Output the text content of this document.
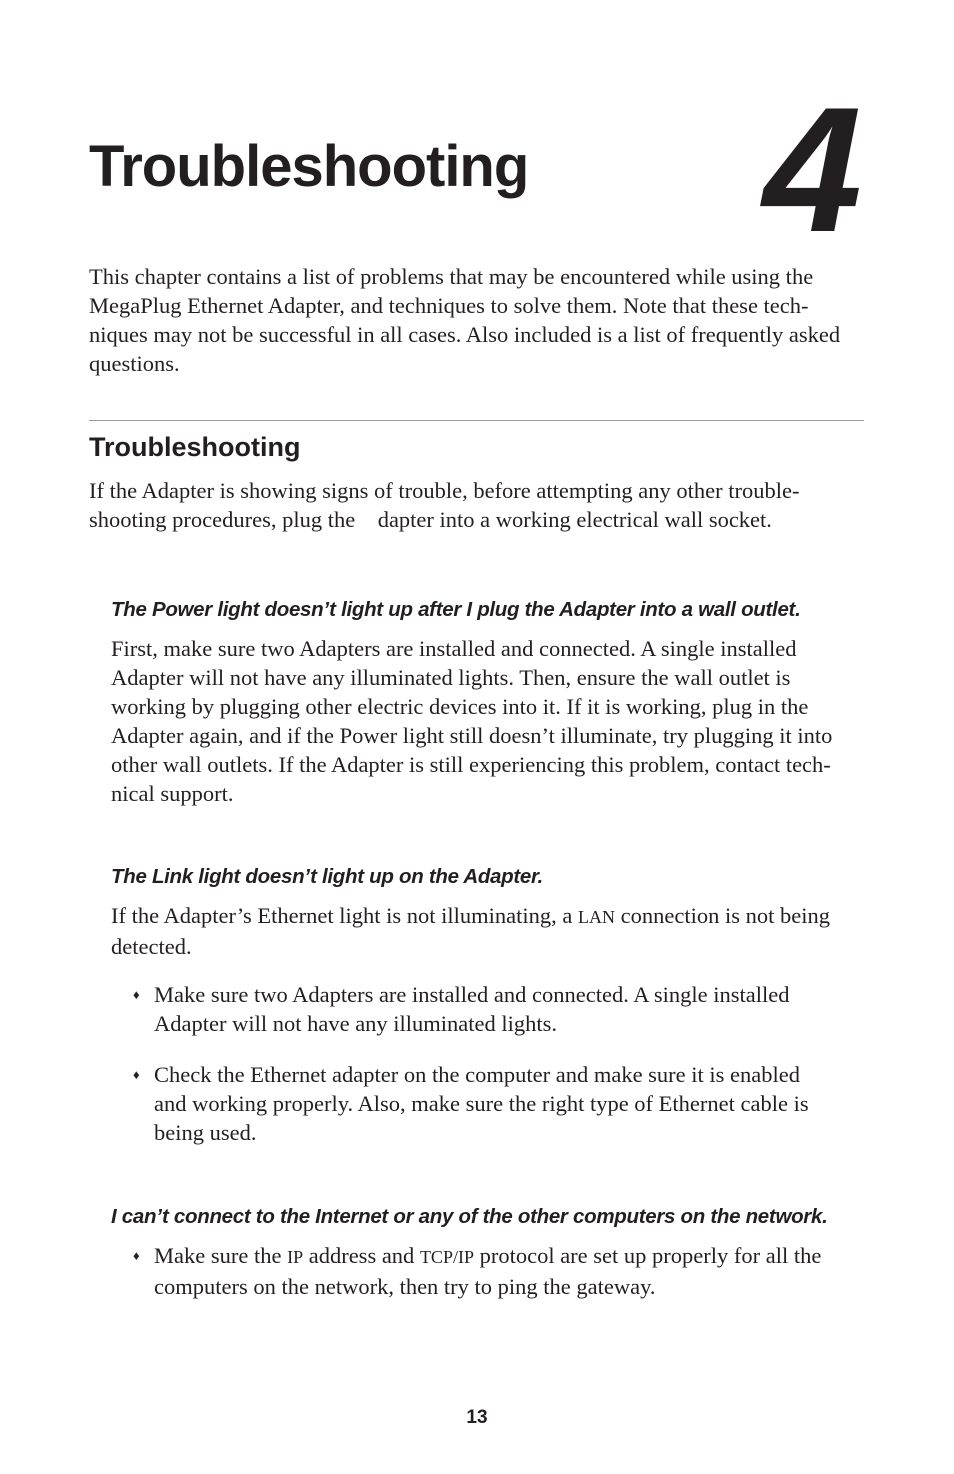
Troubleshooting 4

This chapter contains a list of problems that may be encountered while using the
MegaPlug Ethernet Adapter, and techniques to solve them. Note that these tech-
niques may not be successful in all cases. Also included is a list of frequently asked
questions.

Troubleshooting

If the Adapter is showing signs of trouble, before attempting any other trouble-
shooting procedures, plug the    dapter into a working electrical wall socket.

The Power light doesn’t light up after I plug the Adapter into a wall outlet.

First, make sure two Adapters are installed and connected. A single installed
Adapter will not have any illuminated lights. Then, ensure the wall outlet is
working by plugging other electric devices into it. If it is working, plug in the
Adapter again, and if the Power light still doesn’t illuminate, try plugging it into
other wall outlets. If the Adapter is still experiencing this problem, contact tech-
nical support.

The Link light doesn’t light up on the Adapter.

If the Adapter’s Ethernet light is not illuminating, a LAN connection is not being
detected.

♦ Make sure two Adapters are installed and connected. A single installed
Adapter will not have any illuminated lights.
♦ Check the Ethernet adapter on the computer and make sure it is enabled
and working properly. Also, make sure the right type of Ethernet cable is
being used.
I can’t connect to the Internet or any of the other computers on the network.
♦ Make sure the IP address and TCP/IP protocol are set up properly for all the
computers on the network, then try to ping the gateway.
13
